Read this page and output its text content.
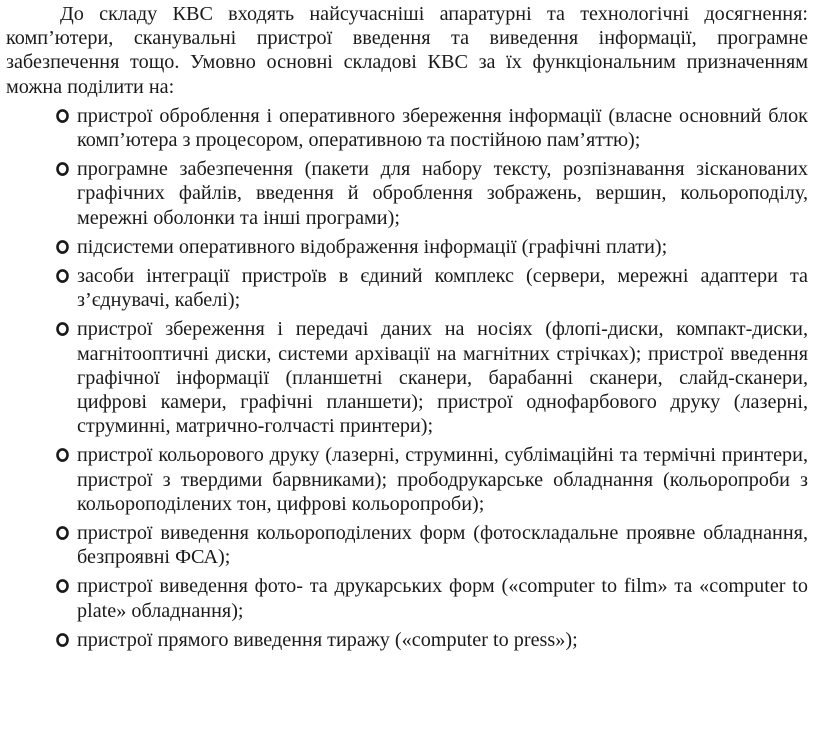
До складу КВС входять найсучасніші апаратурні та технологічні досягнення: комп’ютери, сканувальні пристрої введення та виведення інформації, програмне забезпечення тощо. Умовно основні складові КВС за їх функціональним призначенням можна поділити на:

пристрої оброблення і оперативного збереження інформації (власне основний блок комп’ютера з процесором, оперативною та постійною пам’яттю);
програмне забезпечення (пакети для набору тексту, розпізнавання зісканованих графічних файлів, введення й оброблення зображень, вершин, кольороподілу, мережні оболонки та інші програми);
підсистеми оперативного відображення інформації (графічні плати);
засоби інтеграції пристроїв в єдиний комплекс (сервери, мережні адаптери та з’єднувачі, кабелі);
пристрої збереження і передачі даних на носіях (флопі-диски, компакт-диски, магнітооптичні диски, системи архівації на магнітних стрічках); пристрої введення графічної інформації (планшетні сканери, барабанні сканери, слайд-сканери, цифрові камери, графічні планшети); пристрої однофарбового друку (лазерні, струминні, матрично-голчасті принтери);
пристрої кольорового друку (лазерні, струминні, сублімаційні та термічні принтери, пристрої з твердими барвниками); прободрукарське обладнання (кольоропроби з кольороподілених тон, цифрові кольоропроби);
пристрої виведення кольороподілених форм (фотоскладальне проявне обладнання, безпроявні ФСА);
пристрої виведення фото- та друкарських форм («computer to film» та «computer to plate» обладнання);
пристрої прямого виведення тиражу («computer to press»);
